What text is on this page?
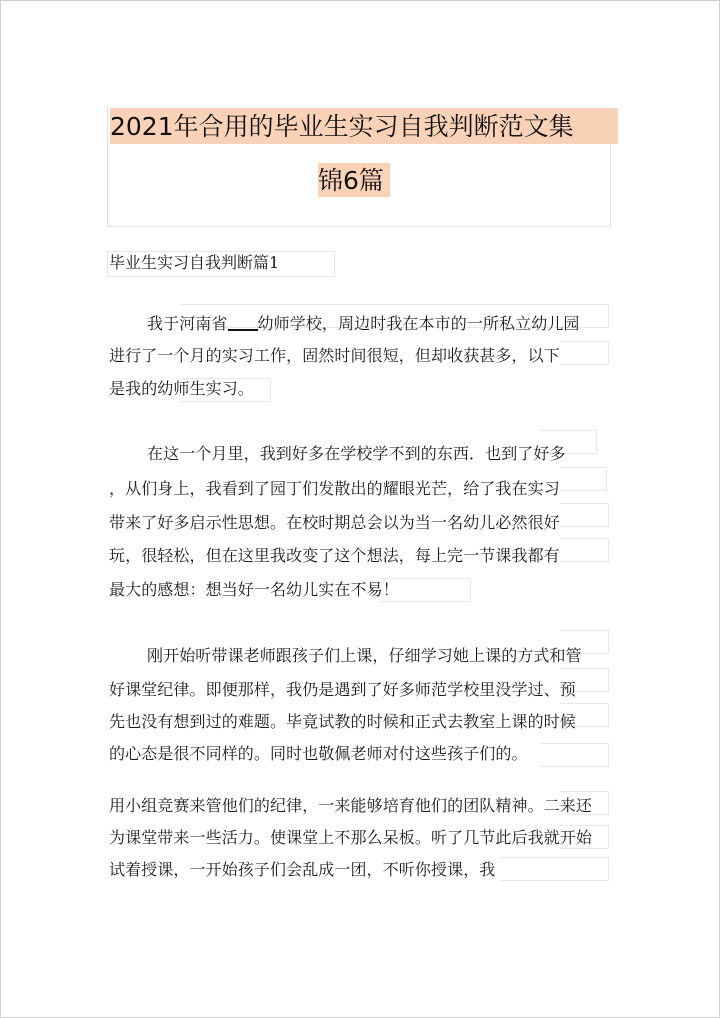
2021年合用的毕业生实习自我判断范文集
锦6篇
毕业生实习自我判断篇1
我于河南省 幼师学校，周边时我在本市的一所私立幼儿园
进行了一个月的实习工作，固然时间很短，但却收获甚多，以下
是我的幼师生实习。
在这一个月里，我到好多在学校学不到的东西．也到了好多
，从们身上，我看到了园丁们发散出的耀眼光芒，给了我在实习
带来了好多启示性思想。在校时期总会以为当一名幼儿必然很好
玩，很轻松，但在这里我改变了这个想法，每上完一节课我都有
最大的感想：想当好一名幼儿实在不易！
刚开始听带课老师跟孩子们上课，仔细学习她上课的方式和管
好课堂纪律。即便那样，我仍是遇到了好多师范学校里没学过、预
先也没有想到过的难题。毕竟试教的时候和正式去教室上课的时候
的心态是很不同样的。同时也敬佩老师对付这些孩子们的。
用小组竞赛来管他们的纪律，一来能够培育他们的团队精神。二来还
为课堂带来一些活力。使课堂上不那么呆板。听了几节此后我就开始
试着授课，一开始孩子们会乱成一团，不听你授课，我
